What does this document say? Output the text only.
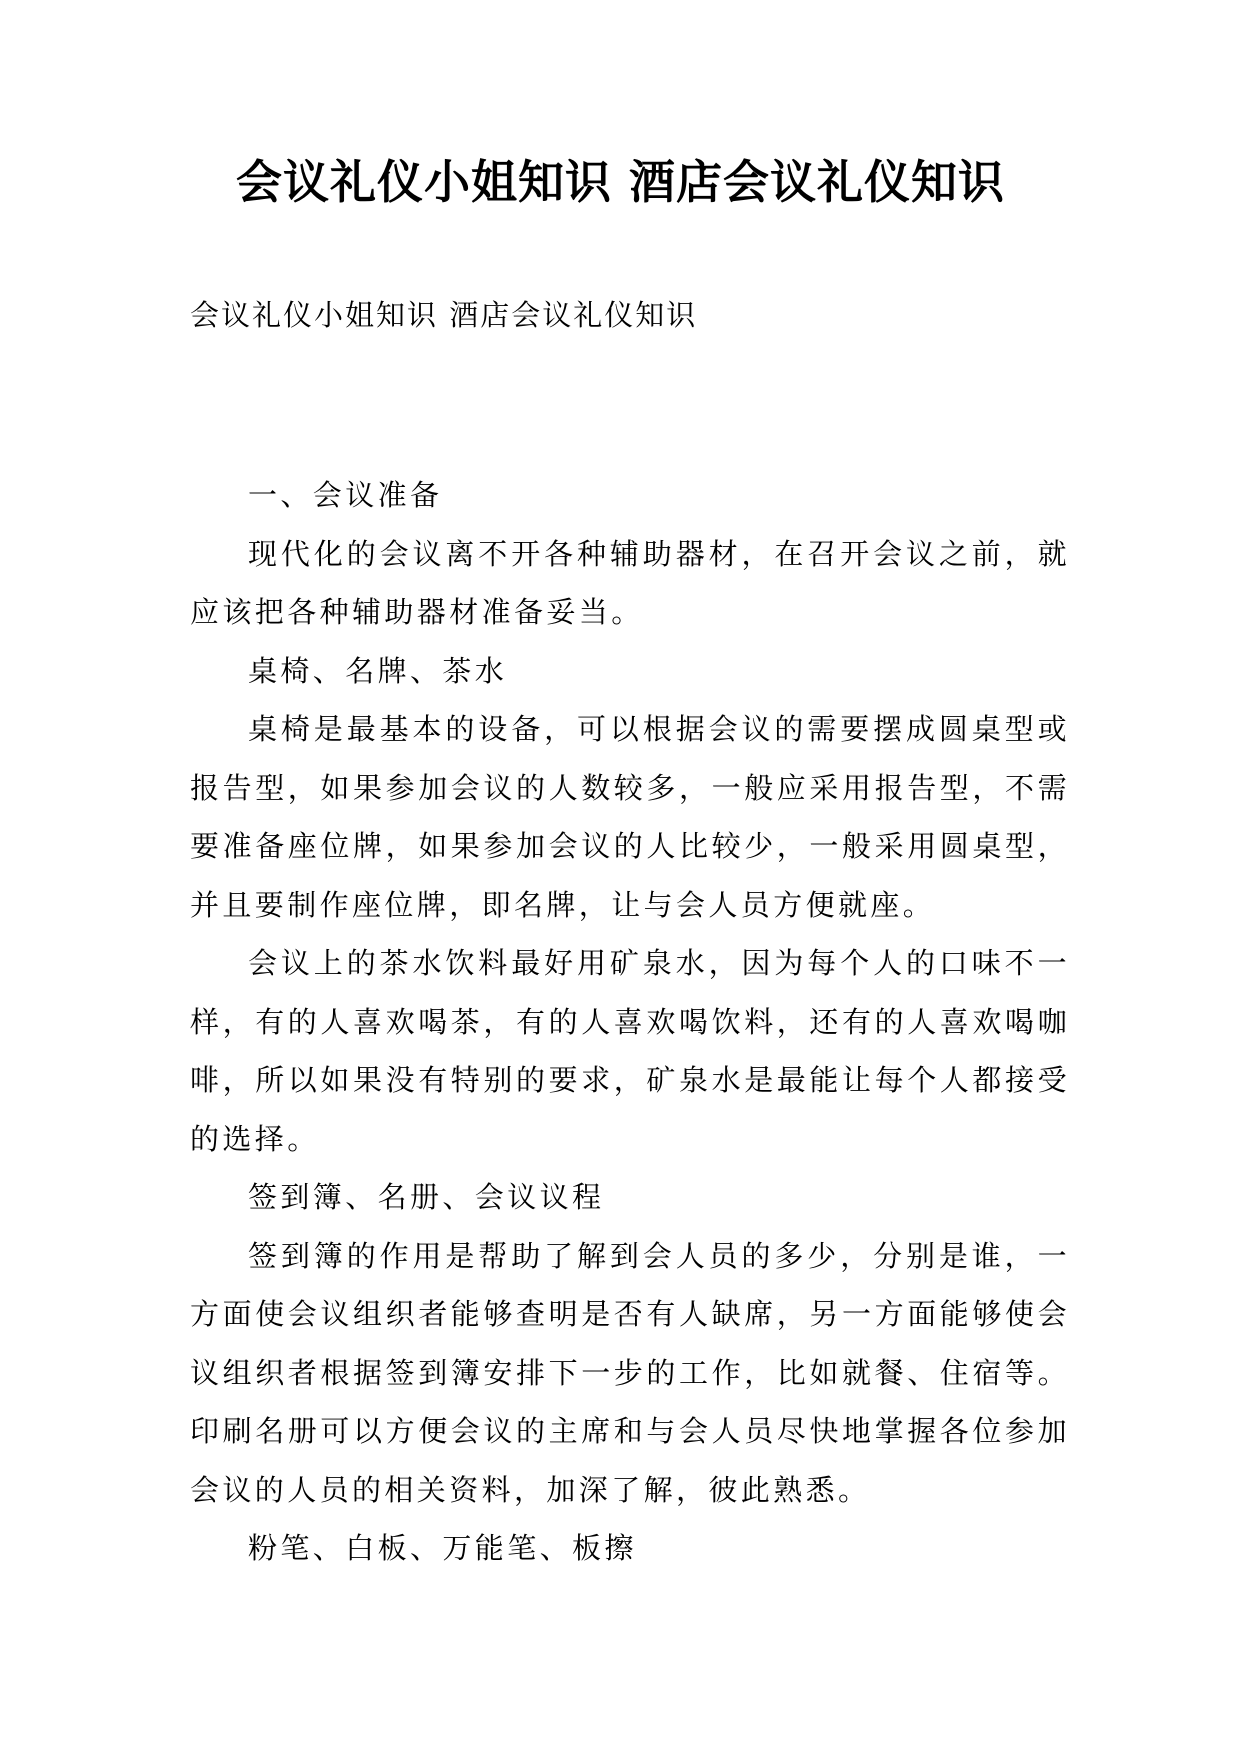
会议礼仪小姐知识 酒店会议礼仪知识
会议礼仪小姐知识 酒店会议礼仪知识

一、会议准备

现代化的会议离不开各种辅助器材，在召开会议之前，就应该把各种辅助器材准备妥当。

桌椅、名牌、茶水

桌椅是最基本的设备，可以根据会议的需要摆成圆桌型或报告型，如果参加会议的人数较多，一般应采用报告型，不需要准备座位牌，如果参加会议的人比较少，一般采用圆桌型，并且要制作座位牌，即名牌，让与会人员方便就座。

会议上的茶水饮料最好用矿泉水，因为每个人的口味不一样，有的人喜欢喝茶，有的人喜欢喝饮料，还有的人喜欢喝咖啡，所以如果没有特别的要求，矿泉水是最能让每个人都接受的选择。

签到簿、名册、会议议程

签到簿的作用是帮助了解到会人员的多少，分别是谁，一方面使会议组织者能够查明是否有人缺席，另一方面能够使会议组织者根据签到簿安排下一步的工作，比如就餐、住宿等。印刷名册可以方便会议的主席和与会人员尽快地掌握各位参加会议的人员的相关资料，加深了解，彼此熟悉。

粉笔、白板、万能笔、板擦
